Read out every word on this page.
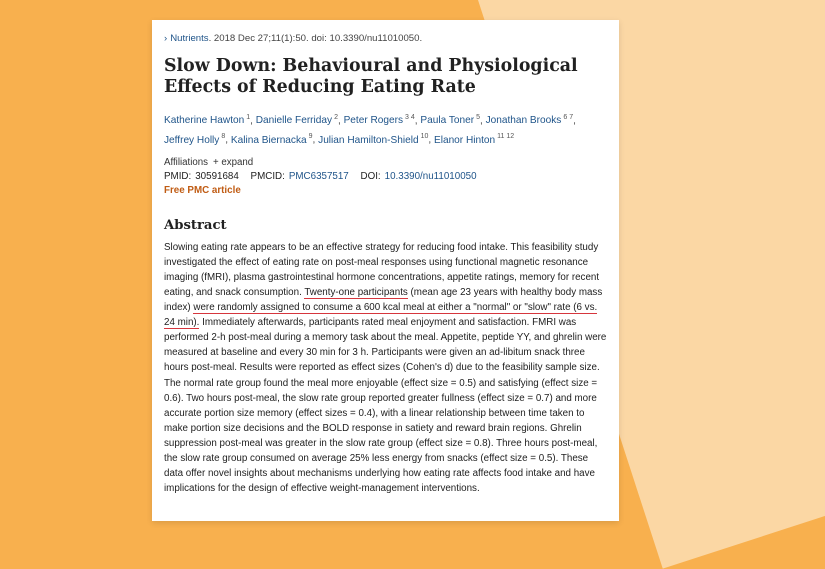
› Nutrients. 2018 Dec 27;11(1):50. doi: 10.3390/nu11010050.
Slow Down: Behavioural and Physiological Effects of Reducing Eating Rate
Katherine Hawton $^1$, Danielle Ferriday $^2$, Peter Rogers $^{3 4}$, Paula Toner $^5$, Jonathan Brooks $^{6 7}$, Jeffrey Holly $^8$, Kalina Biernacka $^9$, Julian Hamilton-Shield $^{10}$, Elanor Hinton $^{11 12}$
Affiliations + expand
PMID: 30591684 PMCID: PMC6357517 DOI: 10.3390/nu11010050
Free PMC article
Abstract
Slowing eating rate appears to be an effective strategy for reducing food intake. This feasibility study investigated the effect of eating rate on post-meal responses using functional magnetic resonance imaging (fMRI), plasma gastrointestinal hormone concentrations, appetite ratings, memory for recent eating, and snack consumption. Twenty-one participants (mean age 23 years with healthy body mass index) were randomly assigned to consume a 600 kcal meal at either a "normal" or "slow" rate (6 vs. 24 min). Immediately afterwards, participants rated meal enjoyment and satisfaction. FMRI was performed 2-h post-meal during a memory task about the meal. Appetite, peptide YY, and ghrelin were measured at baseline and every 30 min for 3 h. Participants were given an ad-libitum snack three hours post-meal. Results were reported as effect sizes (Cohen's d) due to the feasibility sample size. The normal rate group found the meal more enjoyable (effect size = 0.5) and satisfying (effect size = 0.6). Two hours post-meal, the slow rate group reported greater fullness (effect size = 0.7) and more accurate portion size memory (effect sizes = 0.4), with a linear relationship between time taken to make portion size decisions and the BOLD response in satiety and reward brain regions. Ghrelin suppression post-meal was greater in the slow rate group (effect size = 0.8). Three hours post-meal, the slow rate group consumed on average 25% less energy from snacks (effect size = 0.5). These data offer novel insights about mechanisms underlying how eating rate affects food intake and have implications for the design of effective weight-management interventions.
